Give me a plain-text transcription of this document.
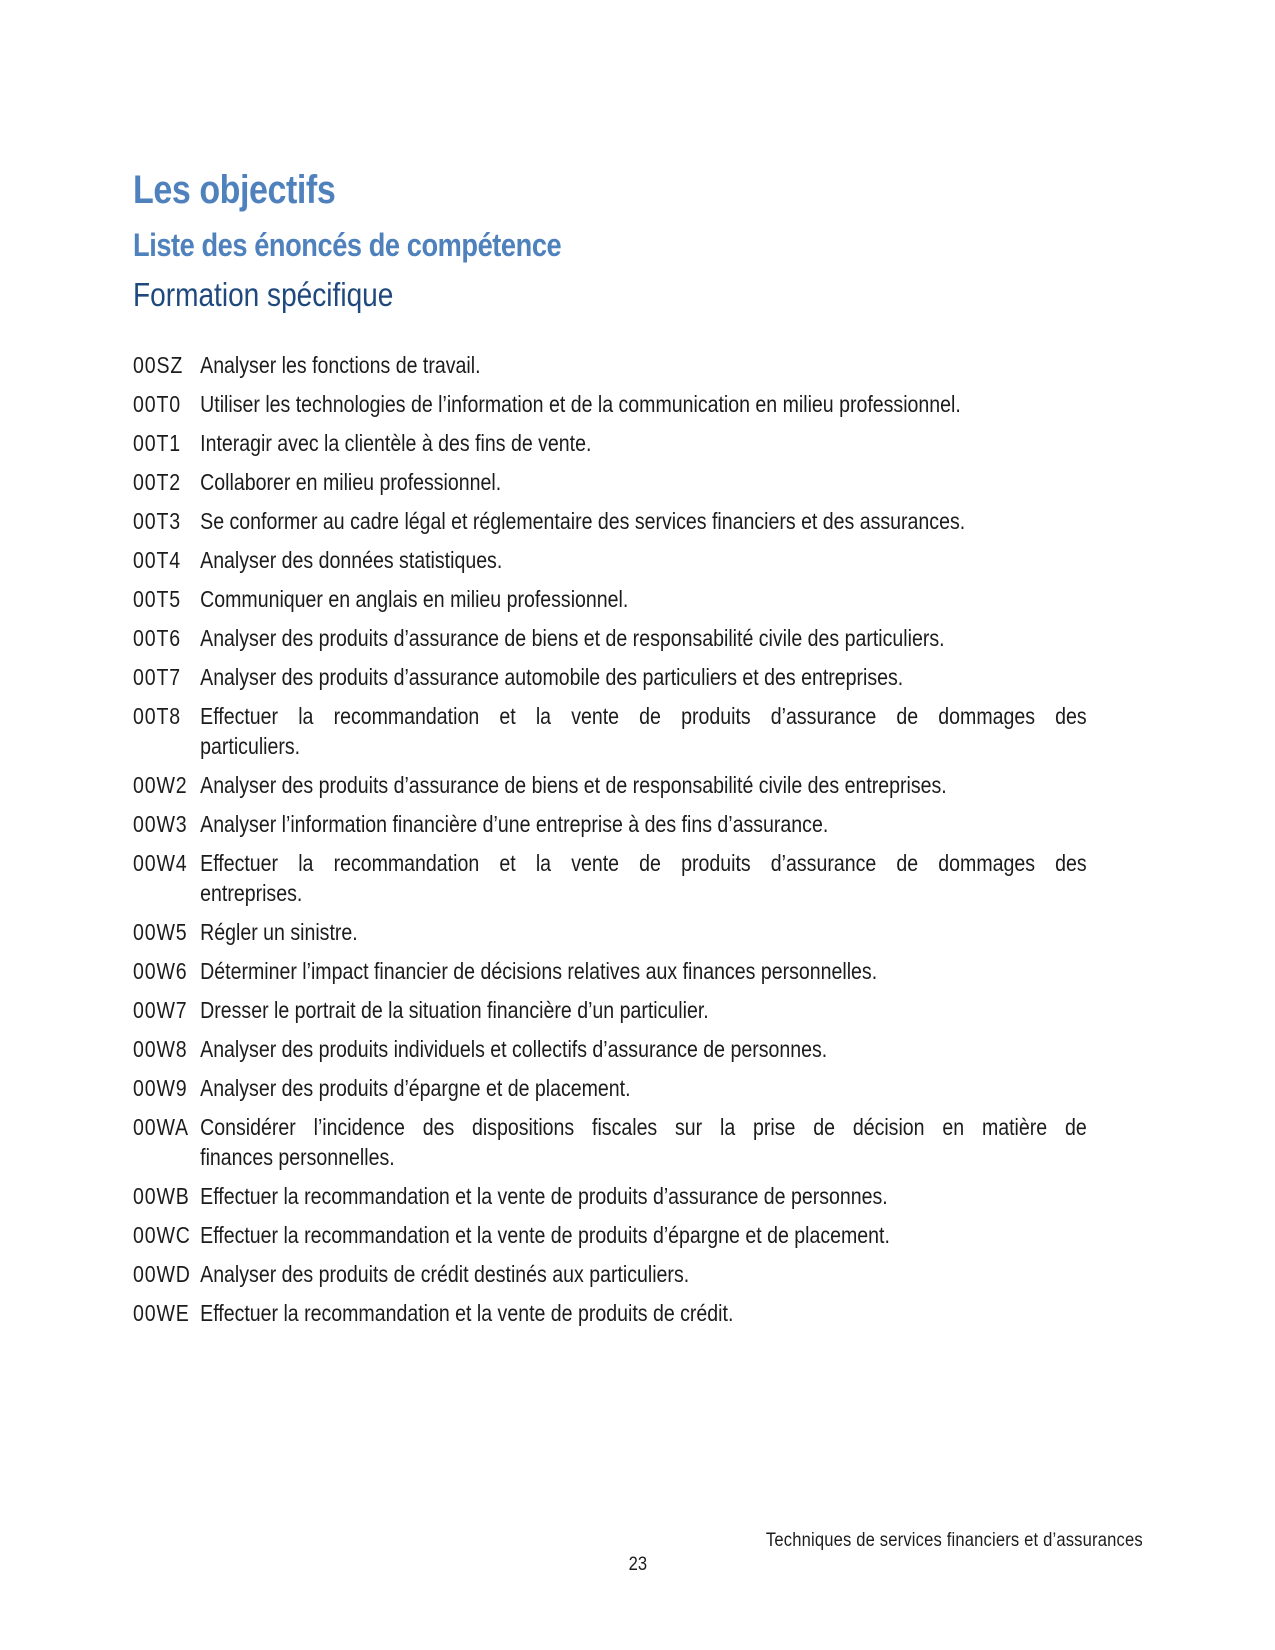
Les objectifs
Liste des énoncés de compétence
Formation spécifique
00SZ Analyser les fonctions de travail.
00T0 Utiliser les technologies de l’information et de la communication en milieu professionnel.
00T1 Interagir avec la clientèle à des fins de vente.
00T2 Collaborer en milieu professionnel.
00T3 Se conformer au cadre légal et réglementaire des services financiers et des assurances.
00T4 Analyser des données statistiques.
00T5 Communiquer en anglais en milieu professionnel.
00T6 Analyser des produits d’assurance de biens et de responsabilité civile des particuliers.
00T7 Analyser des produits d’assurance automobile des particuliers et des entreprises.
00T8 Effectuer la recommandation et la vente de produits d’assurance de dommages des
particuliers.
00W2 Analyser des produits d’assurance de biens et de responsabilité civile des entreprises.
00W3 Analyser l’information financière d’une entreprise à des fins d’assurance.
00W4 Effectuer la recommandation et la vente de produits d’assurance de dommages des
entreprises.
00W5 Régler un sinistre.
00W6 Déterminer l’impact financier de décisions relatives aux finances personnelles.
00W7 Dresser le portrait de la situation financière d’un particulier.
00W8 Analyser des produits individuels et collectifs d’assurance de personnes.
00W9 Analyser des produits d’épargne et de placement.
00WA Considérer l’incidence des dispositions fiscales sur la prise de décision en matière de
finances personnelles.
00WB Effectuer la recommandation et la vente de produits d’assurance de personnes.
00WC Effectuer la recommandation et la vente de produits d’épargne et de placement.
00WD Analyser des produits de crédit destinés aux particuliers.
00WE Effectuer la recommandation et la vente de produits de crédit.
Techniques de services financiers et d’assurances
23
